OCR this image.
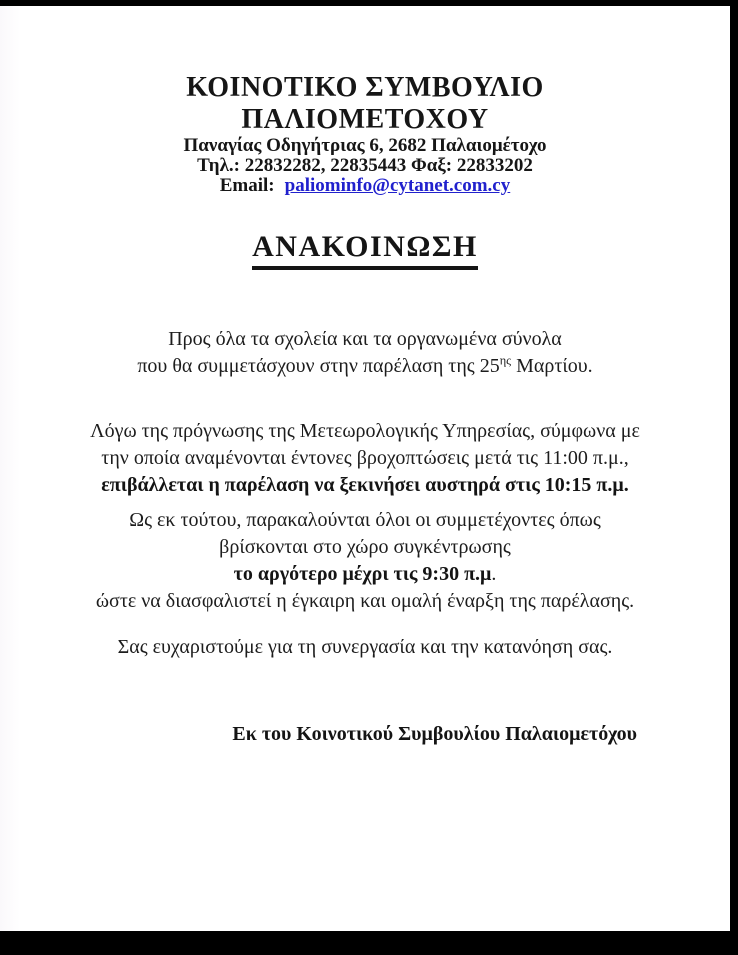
ΚΟΙΝΟΤΙΚΟ ΣΥΜΒΟΥΛΙΟ
ΠΑΛΙΟΜΕΤΟΧΟΥ
Παναγίας Οδηγήτριας 6, 2682 Παλαιομέτοχο
Τηλ.: 22832282, 22835443 Φαξ: 22833202
Email: paliominfo@cytanet.com.cy
ΑΝΑΚΟΙΝΩΣΗ
Προς όλα τα σχολεία και τα οργανωμένα σύνολα
που θα συμμετάσχουν στην παρέλαση της $25^{\eta\varsigma}$ Μαρτίου.
Λόγω της πρόγνωσης της Μετεωρολογικής Υπηρεσίας, σύμφωνα με
την οποία αναμένονται έντονες βροχοπτώσεις μετά τις 11:00 π.μ.,
επιβάλλεται η παρέλαση να ξεκινήσει αυστηρά στις 10:15 π.μ.
Ως εκ τούτου, παρακαλούνται όλοι οι συμμετέχοντες όπως
βρίσκονται στο χώρο συγκέντρωσης
το αργότερο μέχρι τις 9:30 π.μ.
ώστε να διασφαλιστεί η έγκαιρη και ομαλή έναρξη της παρέλασης.
Σας ευχαριστούμε για τη συνεργασία και την κατανόηση σας.
Εκ του Κοινοτικού Συμβουλίου Παλαιομετόχου
